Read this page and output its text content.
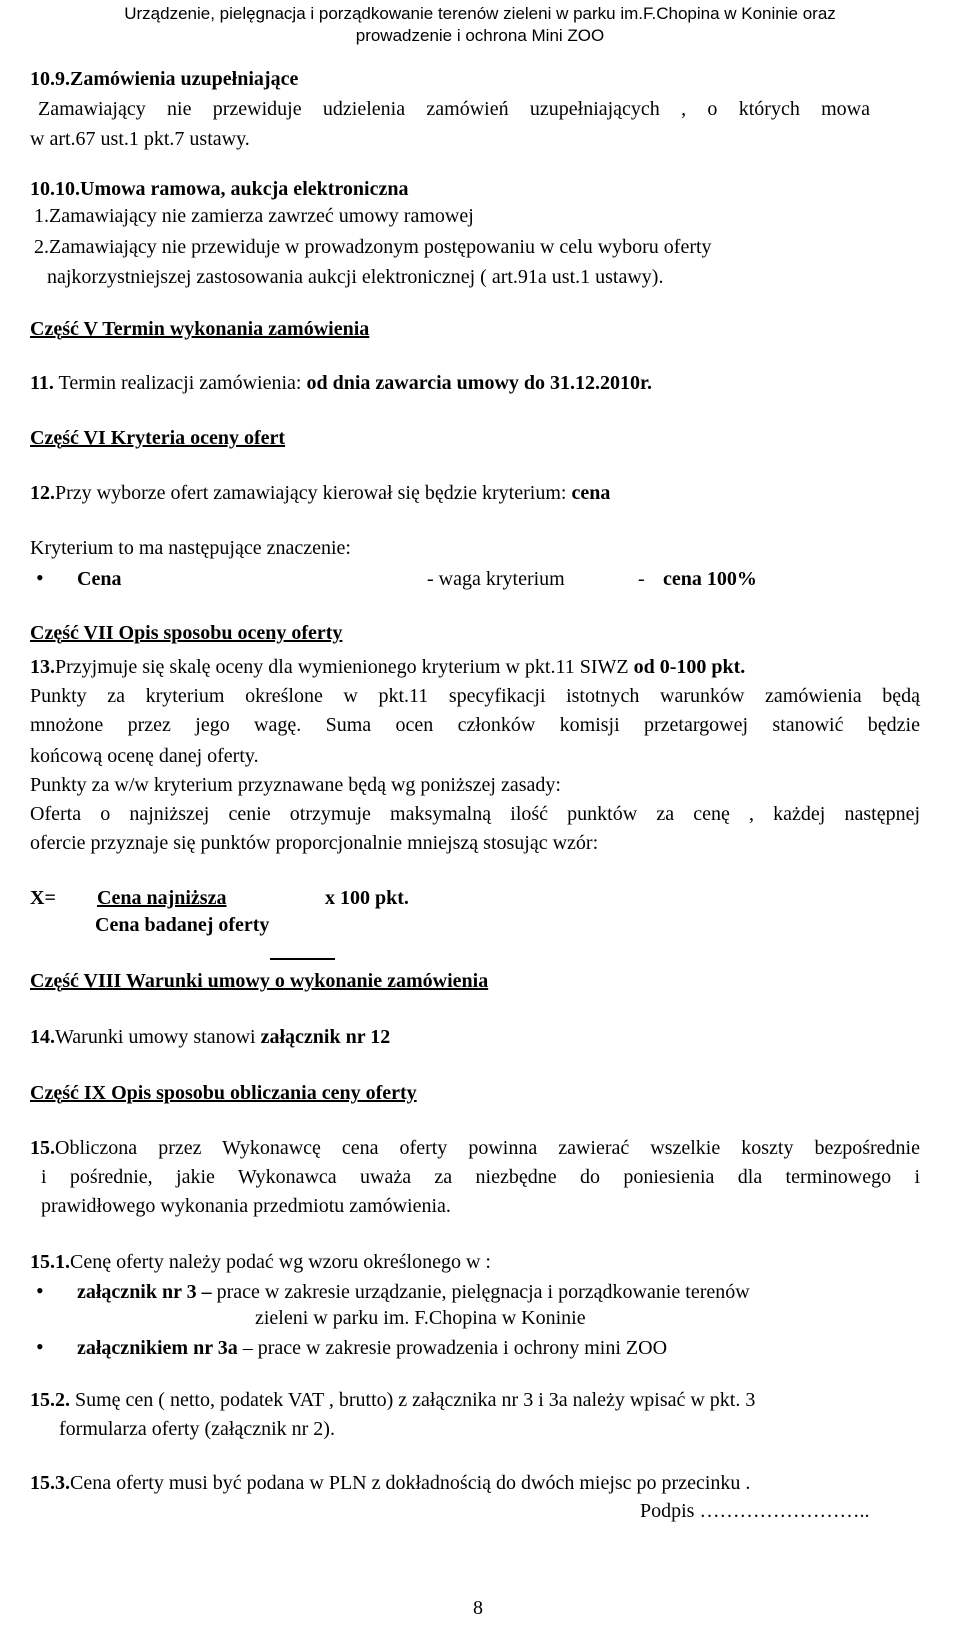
Urządzenie, pielęgnacja i porządkowanie terenów zieleni w parku im.F.Chopina w Koninie oraz
prowadzenie i ochrona Mini ZOO
10.9.Zamówienia uzupełniające
Zamawiający nie przewiduje udzielenia zamówień uzupełniających , o których mowa
w art.67 ust.1 pkt.7 ustawy.
10.10.Umowa ramowa, aukcja elektroniczna
1.Zamawiający nie zamierza zawrzeć umowy ramowej
2.Zamawiający nie przewiduje w prowadzonym postępowaniu w celu wyboru oferty
najkorzystniejszej zastosowania aukcji elektronicznej ( art.91a ust.1 ustawy).
Część V Termin wykonania zamówienia
11. Termin realizacji zamówienia: od dnia zawarcia umowy do 31.12.2010r.
Część VI Kryteria oceny ofert
12.Przy wyborze ofert zamawiający kierował się będzie kryterium: cena
Kryterium to ma następujące znaczenie:
• Cena	- waga kryterium	- cena 100%
Część VII Opis sposobu oceny oferty
13.Przyjmuje się skalę oceny dla wymienionego kryterium w pkt.11 SIWZ od 0-100 pkt.
Punkty za kryterium określone w pkt.11 specyfikacji istotnych warunków zamówienia będą
mnożone przez jego wagę. Suma ocen członków komisji przetargowej stanowić będzie
końcową ocenę danej oferty.
Punkty za w/w kryterium przyznawane będą wg poniższej zasady:
Oferta o najniższej cenie otrzymuje maksymalną ilość punktów za cenę , każdej następnej
ofercie przyznaje się punktów proporcjonalnie mniejszą stosując wzór:
X= Cena najniższa	x 100 pkt.
Cena badanej oferty
Część VIII Warunki umowy o wykonanie zamówienia
14.Warunki umowy stanowi załącznik nr 12
Część IX Opis sposobu obliczania ceny oferty
15.Obliczona przez Wykonawcę cena oferty powinna zawierać wszelkie koszty bezpośrednie
i pośrednie, jakie Wykonawca uważa za niezbędne do poniesienia dla terminowego i
prawidłowego wykonania przedmiotu zamówienia.
15.1.Cenę oferty należy podać wg wzoru określonego w :
• załącznik nr 3 – prace w zakresie urządzanie, pielęgnacja i porządkowanie terenów
zieleni w parku im. F.Chopina w Koninie
• załącznikiem nr 3a – prace w zakresie prowadzenia i ochrony mini ZOO
15.2. Sumę cen ( netto, podatek VAT , brutto) z załącznika nr 3 i 3a należy wpisać w pkt. 3
formularza oferty (załącznik nr 2).
15.3.Cena oferty musi być podana w PLN z dokładnością do dwóch miejsc po przecinku .
Podpis ……………………..
8
